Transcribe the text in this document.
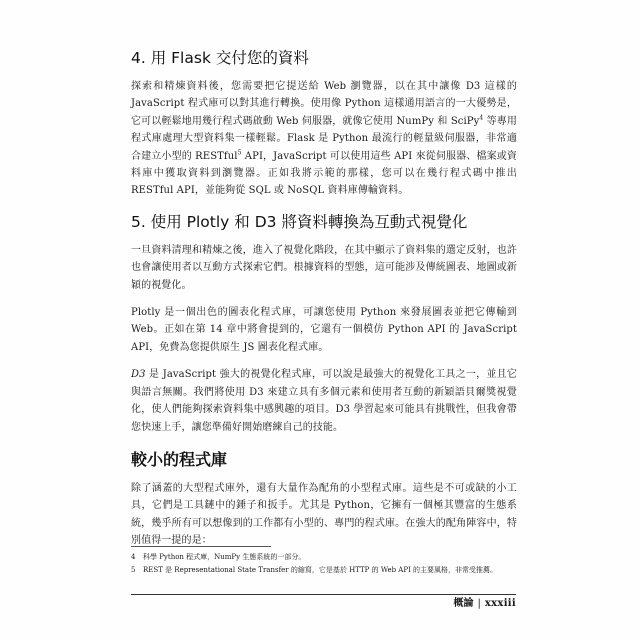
4. 用 Flask 交付您的資料

探索和精煉資料後，您需要把它提送給 Web 瀏覽器，以在其中讓像 D3 這樣的 JavaScript 程式庫可以對其進行轉換。使用像 Python 這樣通用語言的一大優勢是，它可以輕鬆地用幾行程式碼啟動 Web 伺服器，就像它使用 NumPy 和 SciPy$^4$ 等專用程式庫處理大型資料集一樣輕鬆。Flask 是 Python 最流行的輕量級伺服器，非常適合建立小型的 RESTful$^5$ API，JavaScript 可以使用這些 API 來從伺服器、檔案或資料庫中獲取資料到瀏覽器。正如我將示範的那樣，您可以在幾行程式碼中推出 RESTful API，並能夠從 SQL 或 NoSQL 資料庫傳輸資料。

5. 使用 Plotly 和 D3 將資料轉換為互動式視覺化

一旦資料清理和精煉之後，進入了視覺化階段，在其中顯示了資料集的選定反射，也許也會讓使用者以互動方式探索它們。根據資料的型態，這可能涉及傳統圖表、地圖或新穎的視覺化。

Plotly 是一個出色的圖表化程式庫，可讓您使用 Python 來發展圖表並把它傳輸到 Web。正如在第 14 章中將會提到的，它還有一個模仿 Python API 的 JavaScript API，免費為您提供原生 JS 圖表化程式庫。

D3 是 JavaScript 強大的視覺化程式庫，可以說是最強大的視覺化工具之一，並且它與語言無關。我們將使用 D3 來建立具有多個元素和使用者互動的新穎語貝爾獎視覺化，使人們能夠探索資料集中感興趣的項目。D3 學習起來可能具有挑戰性，但我會帶您快速上手，讓您準備好開始磨練自己的技能。

較小的程式庫

除了涵蓋的大型程式庫外，還有大量作為配角的小型程式庫。這些是不可或缺的小工具，它們是工具鏈中的錘子和扳手。尤其是 Python，它擁有一個極其豐富的生態系統，幾乎所有可以想像到的工作都有小型的、專門的程式庫。在強大的配角陣容中，特別值得一提的是：

4	科學 Python 程式庫，NumPy 生態系統的一部分。
5	REST 是 Representational State Transfer 的縮寫，它是基於 HTTP 的 Web API 的主要風格，非常受推薦。
概論 | xxxiii
